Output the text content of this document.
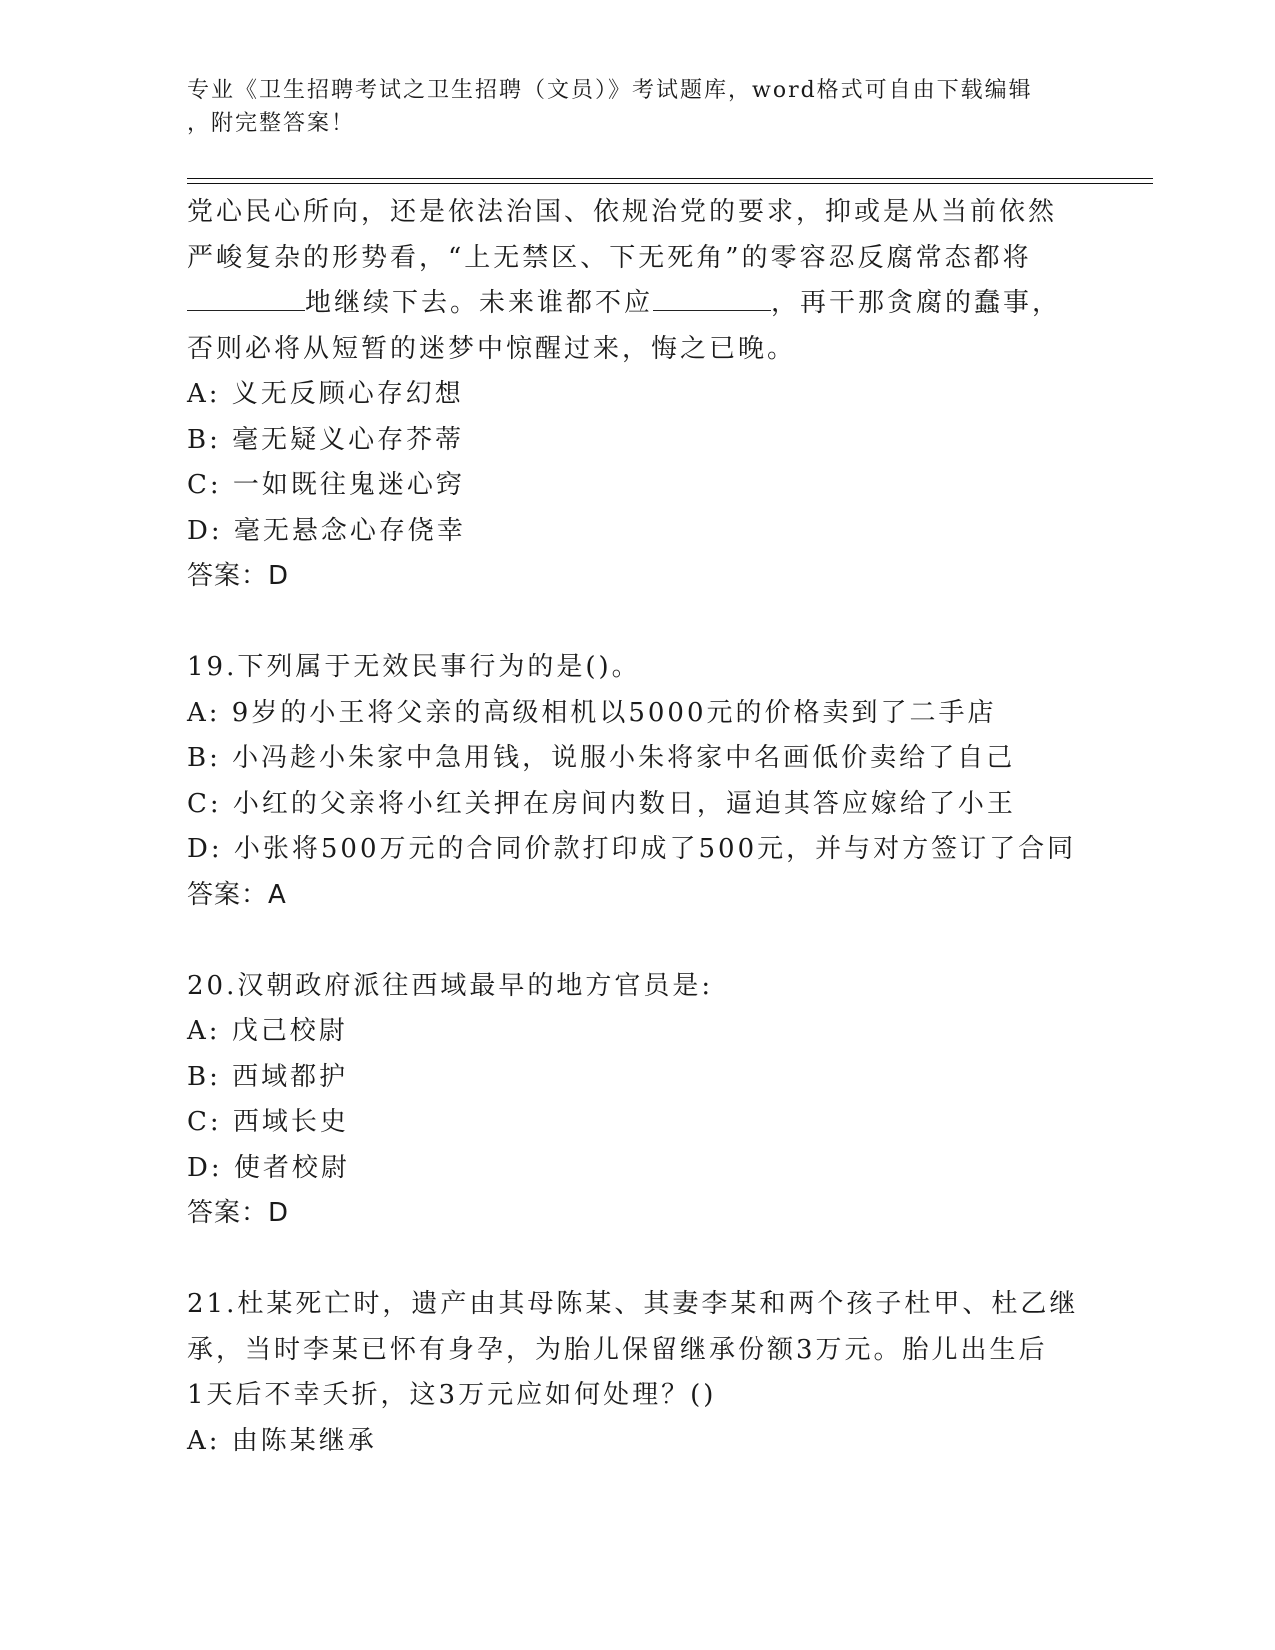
专业《卫生招聘考试之卫生招聘（文员）》考试题库，word格式可自由下载编辑
，附完整答案！
党心民心所向，还是依法治国、依规治党的要求，抑或是从当前依然
严峻复杂的形势看，“上无禁区、下无死角”的零容忍反腐常态都将
地继续下去。未来谁都不应	，再干那贪腐的蠢事，
否则必将从短暂的迷梦中惊醒过来，悔之已晚。
A: 义无反顾心存幻想
B: 毫无疑义心存芥蒂
C: 一如既往鬼迷心窍
D: 毫无悬念心存侥幸
答案：D
19.下列属于无效民事行为的是()。
A: 9岁的小王将父亲的高级相机以5000元的价格卖到了二手店
B: 小冯趁小朱家中急用钱，说服小朱将家中名画低价卖给了自己
C: 小红的父亲将小红关押在房间内数日，逼迫其答应嫁给了小王
D: 小张将500万元的合同价款打印成了500元，并与对方签订了合同
答案：A
20.汉朝政府派往西域最早的地方官员是:
A: 戊己校尉
B: 西域都护
C: 西域长史
D: 使者校尉
答案：D
21.杜某死亡时，遗产由其母陈某、其妻李某和两个孩子杜甲、杜乙继
承，当时李某已怀有身孕，为胎儿保留继承份额3万元。胎儿出生后
1天后不幸夭折，这3万元应如何处理？()
A: 由陈某继承
